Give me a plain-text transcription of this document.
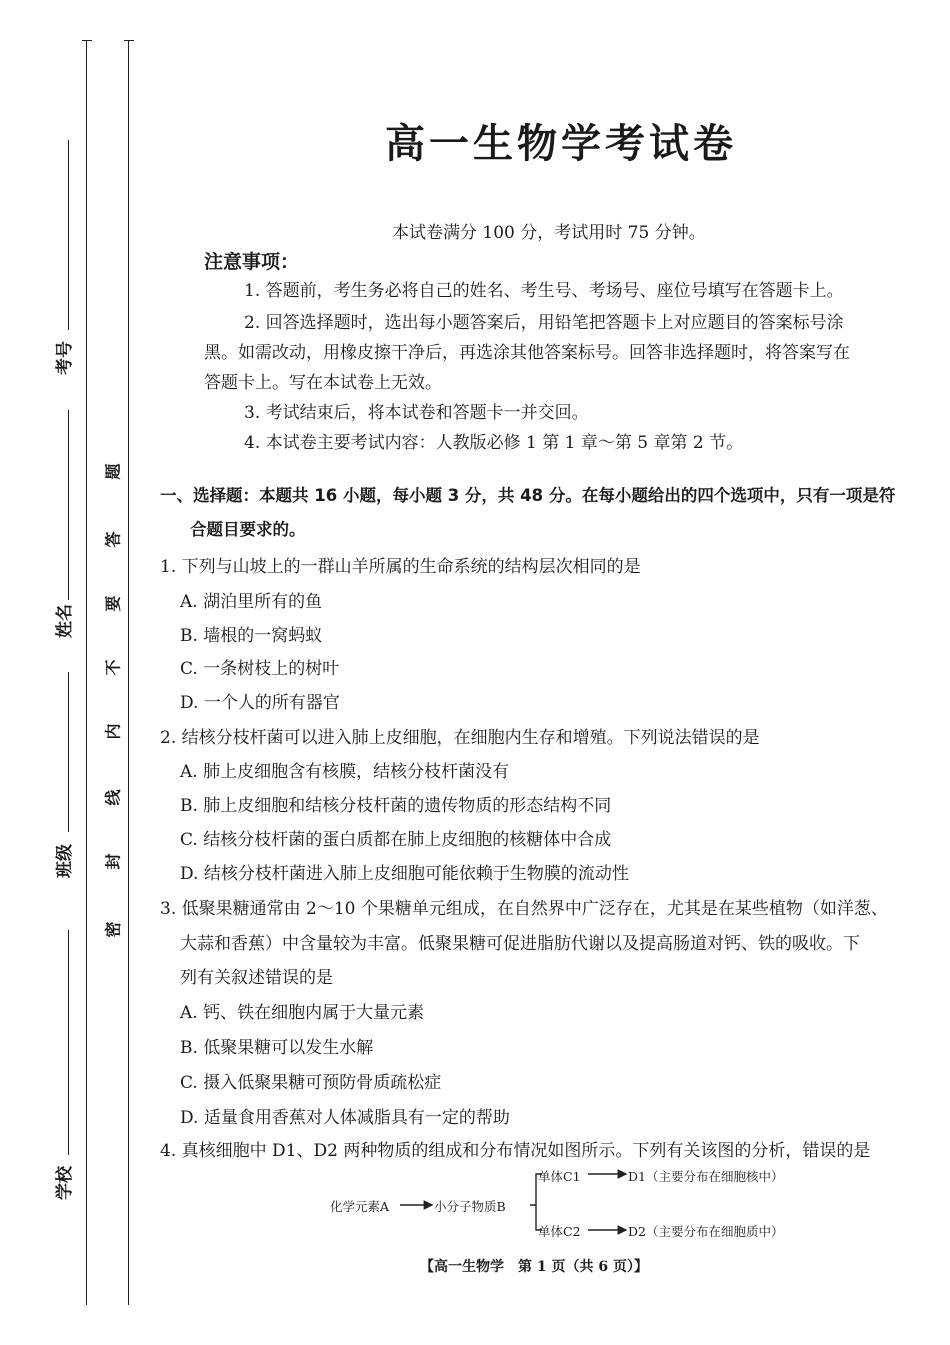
考号
姓名
班级
学校
题
答
要
不
内
线
封
密
高一生物学考试卷
本试卷满分 100 分，考试用时 75 分钟。
注意事项：
1. 答题前，考生务必将自己的姓名、考生号、考场号、座位号填写在答题卡上。
2. 回答选择题时，选出每小题答案后，用铅笔把答题卡上对应题目的答案标号涂
黑。如需改动，用橡皮擦干净后，再选涂其他答案标号。回答非选择题时，将答案写在
答题卡上。写在本试卷上无效。
3. 考试结束后，将本试卷和答题卡一并交回。
4. 本试卷主要考试内容：人教版必修 1 第 1 章～第 5 章第 2 节。
一、选择题：本题共 16 小题，每小题 3 分，共 48 分。在每小题给出的四个选项中，只有一项是符
合题目要求的。
1. 下列与山坡上的一群山羊所属的生命系统的结构层次相同的是
A. 湖泊里所有的鱼
B. 墙根的一窝蚂蚁
C. 一条树枝上的树叶
D. 一个人的所有器官
2. 结核分枝杆菌可以进入肺上皮细胞，在细胞内生存和增殖。下列说法错误的是
A. 肺上皮细胞含有核膜，结核分枝杆菌没有
B. 肺上皮细胞和结核分枝杆菌的遗传物质的形态结构不同
C. 结核分枝杆菌的蛋白质都在肺上皮细胞的核糖体中合成
D. 结核分枝杆菌进入肺上皮细胞可能依赖于生物膜的流动性
3. 低聚果糖通常由 2～10 个果糖单元组成，在自然界中广泛存在，尤其是在某些植物（如洋葱、
大蒜和香蕉）中含量较为丰富。低聚果糖可促进脂肪代谢以及提高肠道对钙、铁的吸收。下
列有关叙述错误的是
A. 钙、铁在细胞内属于大量元素
B. 低聚果糖可以发生水解
C. 摄入低聚果糖可预防骨质疏松症
D. 适量食用香蕉对人体减脂具有一定的帮助
4. 真核细胞中 D1、D2 两种物质的组成和分布情况如图所示。下列有关该图的分析，错误的是
化学元素A	小分子物质B
单体C1	D1（主要分布在细胞核中）
单体C2	D2（主要分布在细胞质中）
【高一生物学　第 1 页（共 6 页）】
